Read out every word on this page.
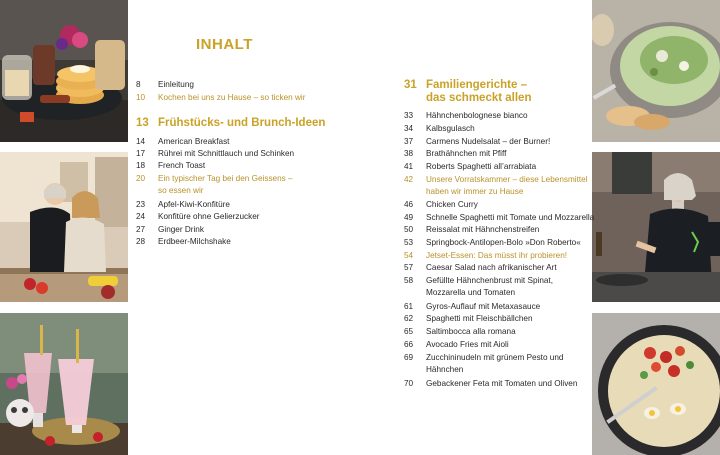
INHALT
8	Einleitung
10	Kochen bei uns zu Hause – so ticken wir
13 Frühstücks- und Brunch-Ideen
14	American Breakfast
17	Rührei mit Schnittlauch und Schinken
18	French Toast
20	Ein typischer Tag bei den Geissens –
so essen wir
23	Apfel-Kiwi-Konfitüre
24	Konfitüre ohne Gelierzucker
27	Ginger Drink
28	Erdbeer-Milchshake
31 Familiengerichte –
das schmeckt allen
33	Hähnchenbolognese bianco
34	Kalbsgulasch
37	Carmens Nudelsalat – der Burner!
38	Brathähnchen mit Pfiff
41	Roberts Spaghetti all’arrabiata
42	Unsere Vorratskammer – diese Lebensmittel
haben wir immer zu Hause
46	Chicken Curry
49	Schnelle Spaghetti mit Tomate und Mozzarella
50	Reissalat mit Hähnchenstreifen
53	Springbock-Antilopen-Bolo »Don Roberto«
54	Jetset-Essen: Das müsst ihr probieren!
57	Caesar Salad nach afrikanischer Art
58	Gefüllte Hähnchenbrust mit Spinat,
Mozzarella und Tomaten
61	Gyros-Auflauf mit Metaxasauce
62	Spaghetti mit Fleischbällchen
65	Saltimbocca alla romana
66	Avocado Fries mit Aioli
69	Zucchininudeln mit grünem Pesto und
Hähnchen
70	Gebackener Feta mit Tomaten und Oliven
